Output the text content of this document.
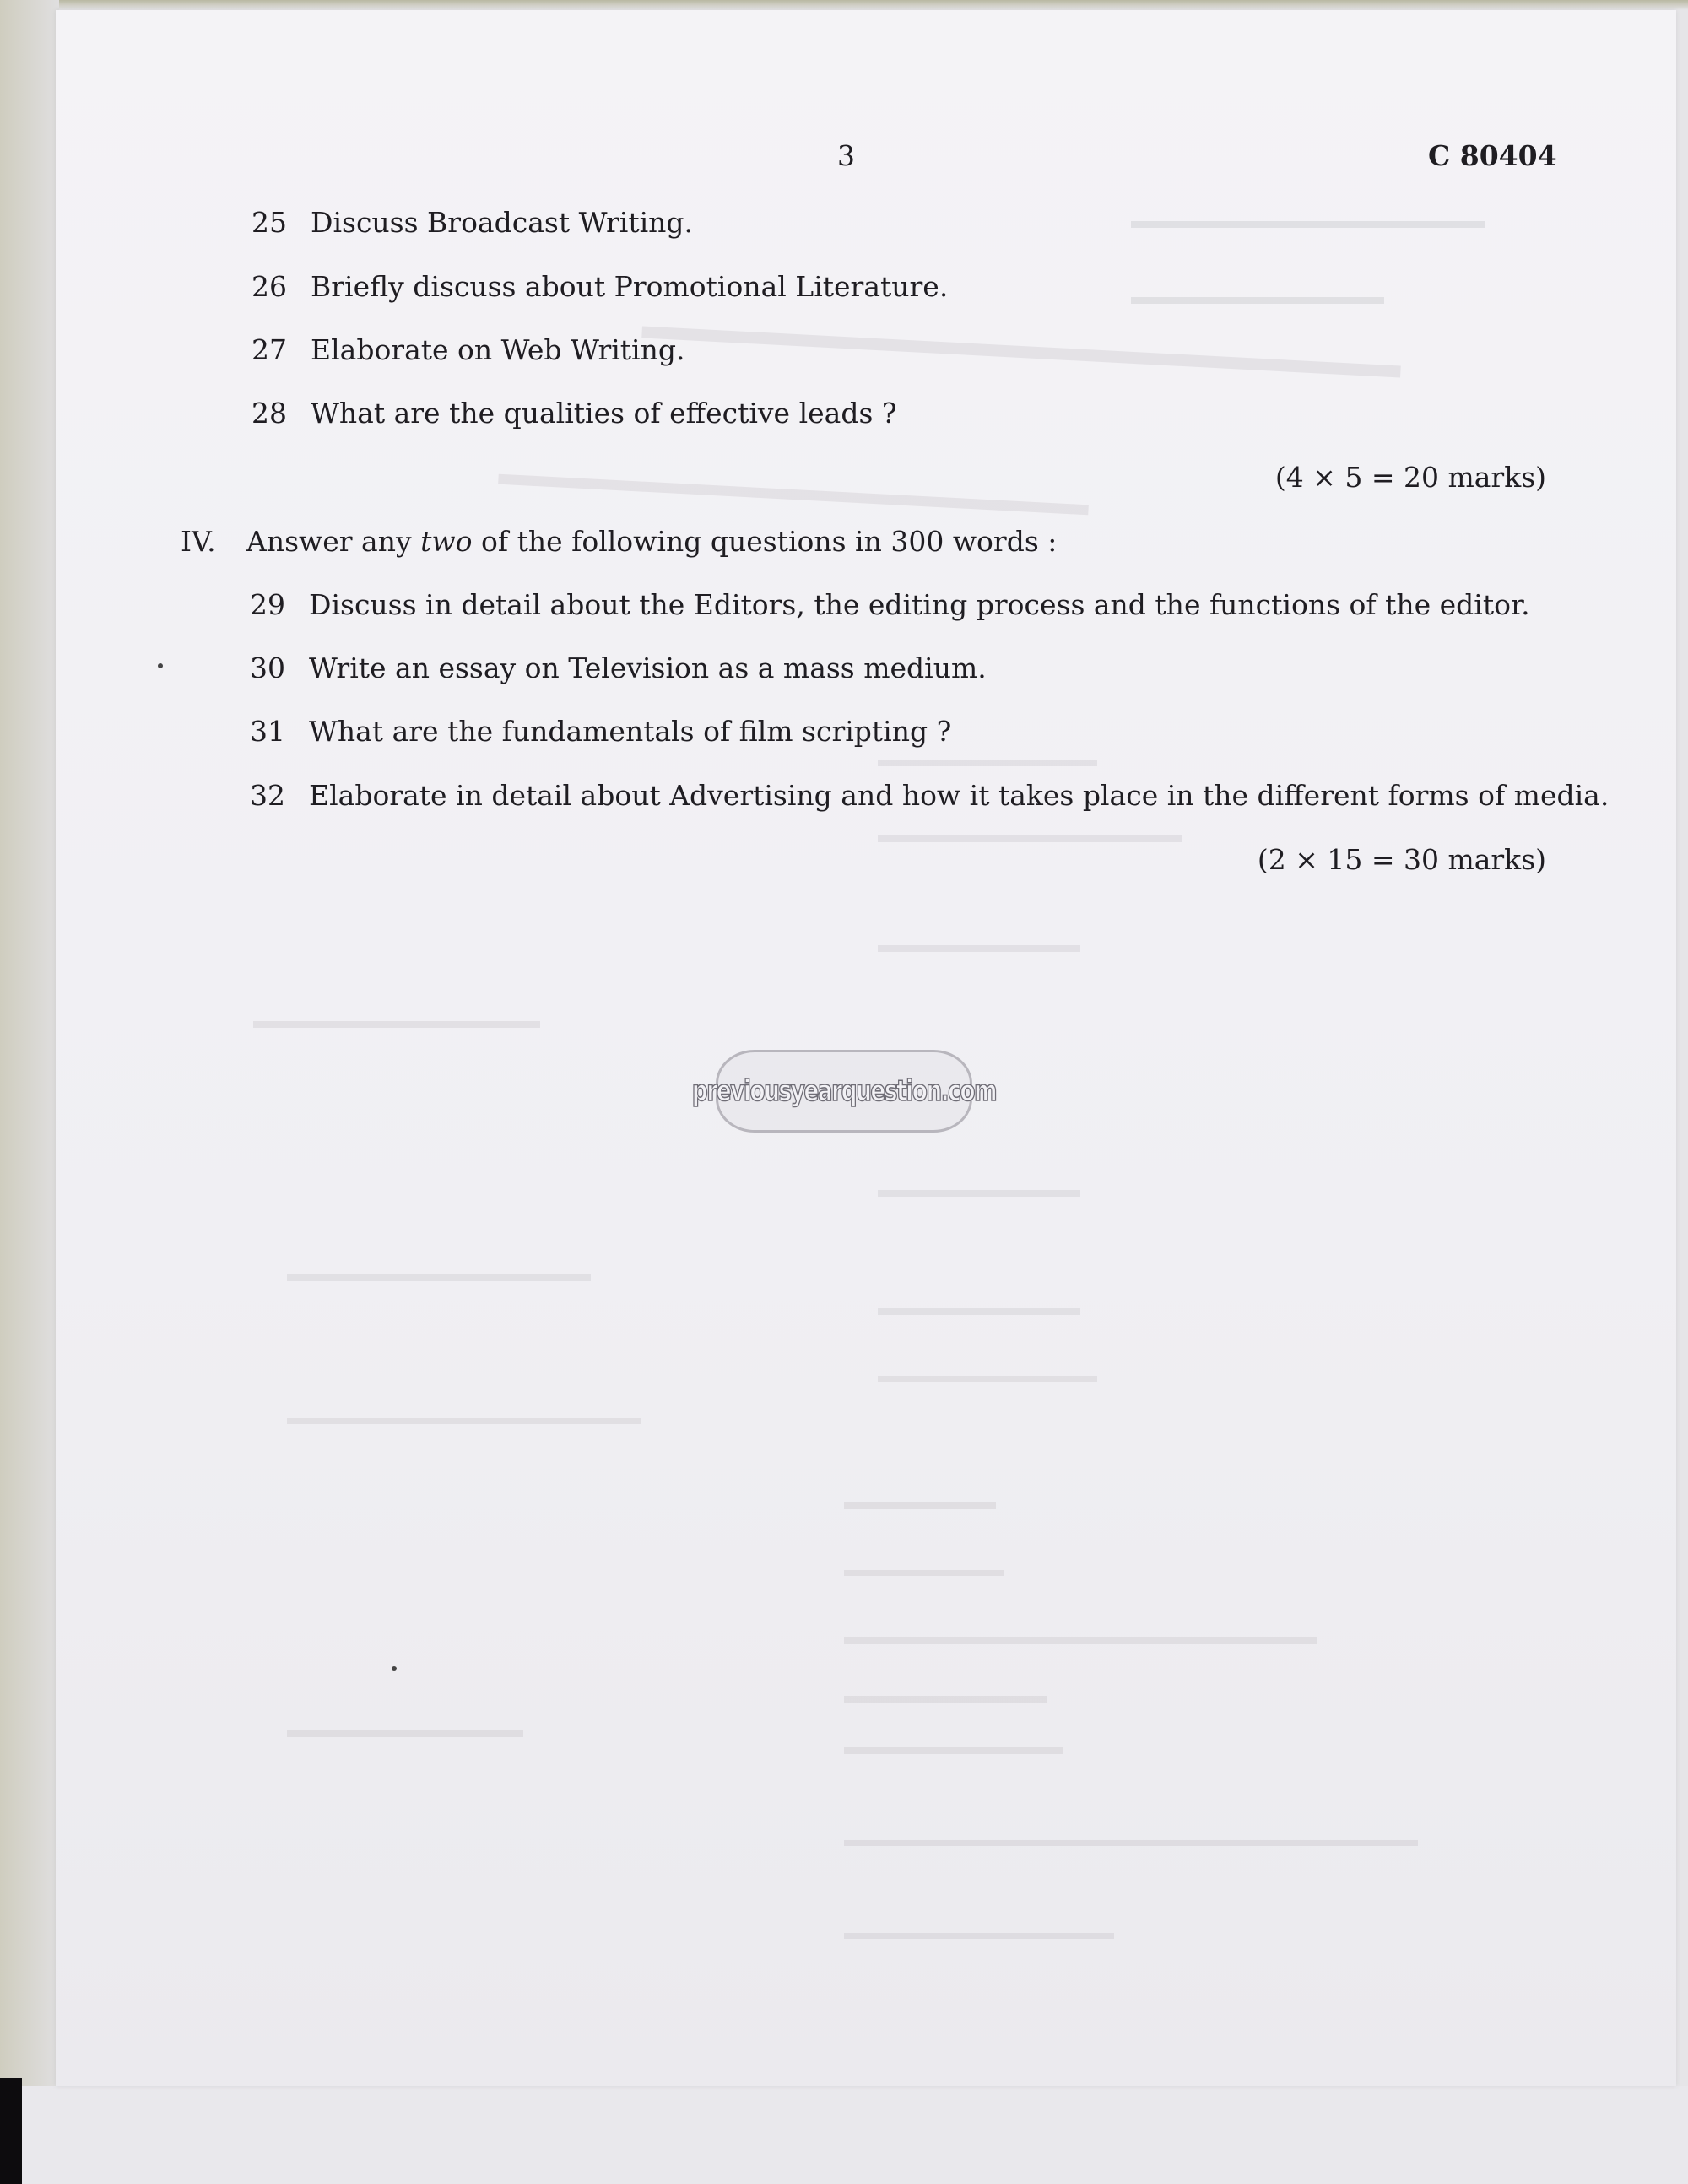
3	C 80404
25 Discuss Broadcast Writing.
26 Briefly discuss about Promotional Literature.
27 Elaborate on Web Writing.
28 What are the qualities of effective leads ?
(4 × 5 = 20 marks)
IV. Answer any two of the following questions in 300 words :
29 Discuss in detail about the Editors, the editing process and the functions of the editor.
30 Write an essay on Television as a mass medium.
31 What are the fundamentals of film scripting ?
32 Elaborate in detail about Advertising and how it takes place in the different forms of media.
(2 × 15 = 30 marks)
previousyearquestion.com
